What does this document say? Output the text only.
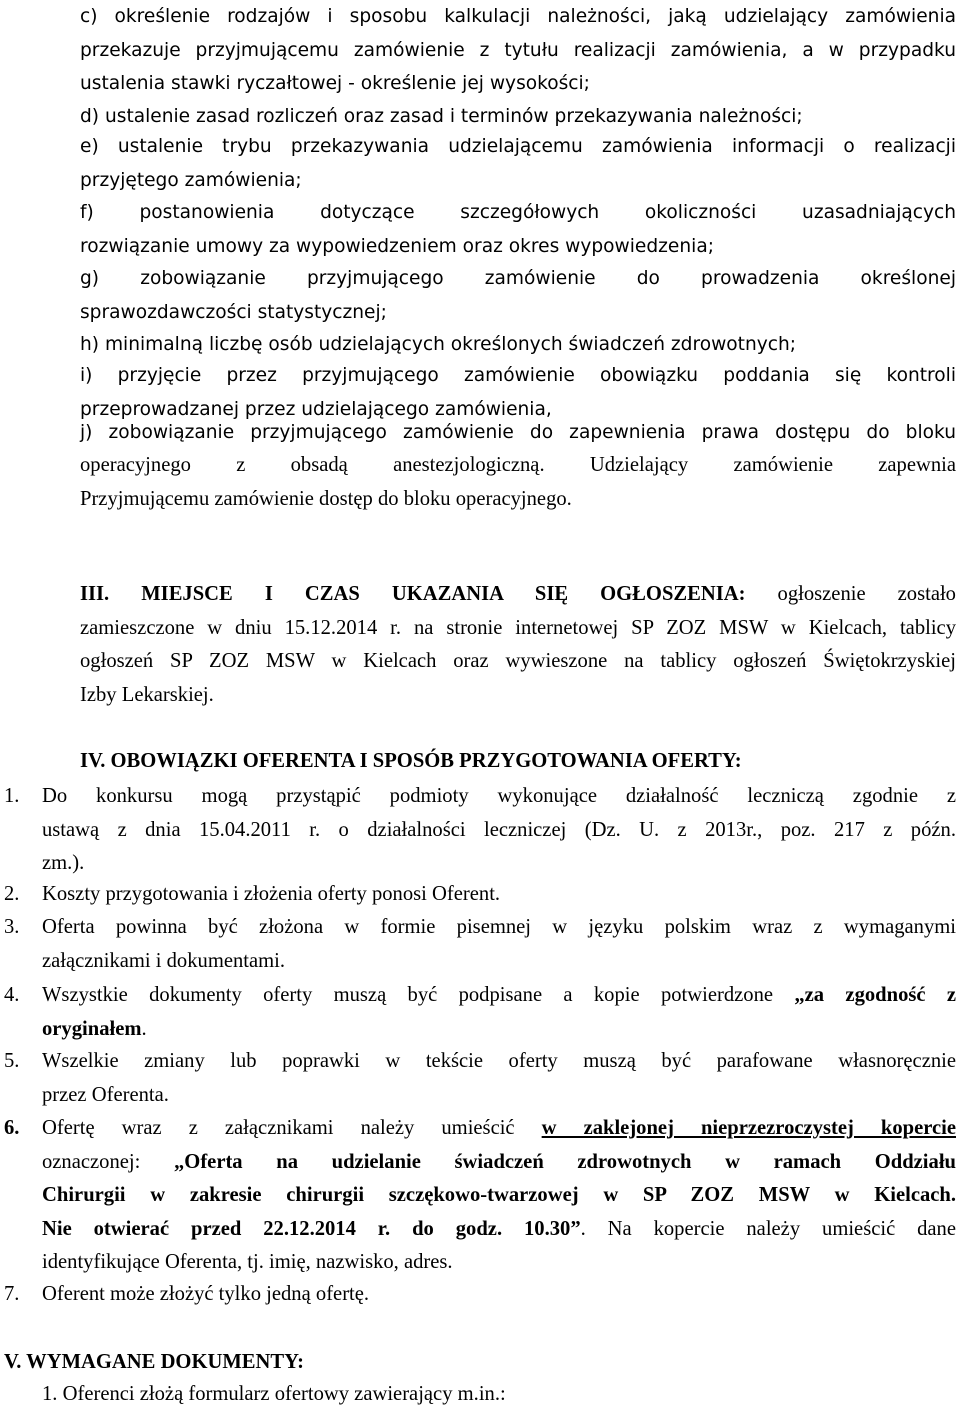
c) określenie rodzajów i sposobu kalkulacji należności, jaką udzielający zamówienia
przekazuje przyjmującemu zamówienie z tytułu realizacji zamówienia, a w przypadku
ustalenia stawki ryczałtowej - określenie jej wysokości;
d) ustalenie zasad rozliczeń oraz zasad i terminów przekazywania należności;
e) ustalenie trybu przekazywania udzielającemu zamówienia informacji o realizacji
przyjętego zamówienia;
f) postanowienia dotyczące szczegółowych okoliczności uzasadniających
rozwiązanie umowy za wypowiedzeniem oraz okres wypowiedzenia;
g) zobowiązanie przyjmującego zamówienie do prowadzenia określonej
sprawozdawczości statystycznej;
h) minimalną liczbę osób udzielających określonych świadczeń zdrowotnych;
i) przyjęcie przez przyjmującego zamówienie obowiązku poddania się kontroli
przeprowadzanej przez udzielającego zamówienia,
j) zobowiązanie przyjmującego zamówienie do zapewnienia prawa dostępu do bloku
operacyjnego z obsadą anestezjologiczną. Udzielający zamówienie zapewnia
Przyjmującemu zamówienie dostęp do bloku operacyjnego.
III. MIEJSCE I CZAS UKAZANIA SIĘ OGŁOSZENIA: ogłoszenie zostało
zamieszczone w dniu 15.12.2014 r. na stronie internetowej SP ZOZ MSW w Kielcach, tablicy
ogłoszeń SP ZOZ MSW w Kielcach oraz wywieszone na tablicy ogłoszeń Świętokrzyskiej
Izby Lekarskiej.
IV. OBOWIĄZKI OFERENTA I SPOSÓB PRZYGOTOWANIA OFERTY:
1. Do konkursu mogą przystąpić podmioty wykonujące działalność leczniczą zgodnie z
ustawą z dnia 15.04.2011 r. o działalności leczniczej (Dz. U. z 2013r., poz. 217 z późn.
zm.).
2. Koszty przygotowania i złożenia oferty ponosi Oferent.
3. Oferta powinna być złożona w formie pisemnej w języku polskim wraz z wymaganymi
załącznikami i dokumentami.
4. Wszystkie dokumenty oferty muszą być podpisane a kopie potwierdzone „za zgodność z
oryginałem.
5. Wszelkie zmiany lub poprawki w tekście oferty muszą być parafowane własnoręcznie
przez Oferenta.
6. Ofertę wraz z załącznikami należy umieścić w zaklejonej nieprzezroczystej kopercie
oznaczonej: „Oferta na udzielanie świadczeń zdrowotnych w ramach Oddziału
Chirurgii w zakresie chirurgii szczękowo-twarzowej w SP ZOZ MSW w Kielcach.
Nie otwierać przed 22.12.2014 r. do godz. 10.30”. Na kopercie należy umieścić dane
identyfikujące Oferenta, tj. imię, nazwisko, adres.
7. Oferent może złożyć tylko jedną ofertę.
V. WYMAGANE DOKUMENTY:
1. Oferenci złożą formularz ofertowy zawierający m.in.:
